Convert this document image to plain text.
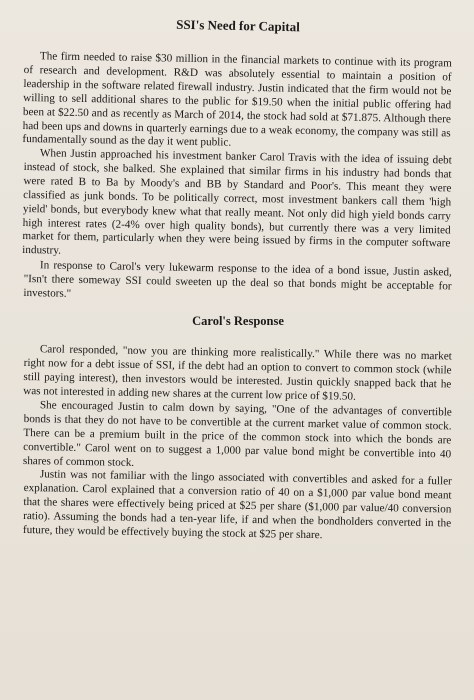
SSI's Need for Capital

The firm needed to raise $30 million in the financial markets to continue with its program of research and development. R&D was absolutely essential to maintain a position of leadership in the software related firewall industry. Justin indicated that the firm would not be willing to sell additional shares to the public for $19.50 when the initial public offering had been at $22.50 and as recently as March of 2014, the stock had sold at $71.875. Although there had been ups and downs in quarterly earnings due to a weak economy, the company was still as fundamentally sound as the day it went public.

When Justin approached his investment banker Carol Travis with the idea of issuing debt instead of stock, she balked. She explained that similar firms in his industry had bonds that were rated B to Ba by Moody's and BB by Standard and Poor's. This meant they were classified as junk bonds. To be politically correct, most investment bankers call them 'high yield' bonds, but everybody knew what that really meant. Not only did high yield bonds carry high interest rates (2-4% over high quality bonds), but currently there was a very limited market for them, particularly when they were being issued by firms in the computer software industry.

In response to Carol's very lukewarm response to the idea of a bond issue, Justin asked, "Isn't there someway SSI could sweeten up the deal so that bonds might be acceptable for investors."

Carol's Response

Carol responded, "now you are thinking more realistically." While there was no market right now for a debt issue of SSI, if the debt had an option to convert to common stock (while still paying interest), then investors would be interested. Justin quickly snapped back that he was not interested in adding new shares at the current low price of $19.50.

She encouraged Justin to calm down by saying, "One of the advantages of convertible bonds is that they do not have to be convertible at the current market value of common stock. There can be a premium built in the price of the common stock into which the bonds are convertible." Carol went on to suggest a 1,000 par value bond might be convertible into 40 shares of common stock.

Justin was not familiar with the lingo associated with convertibles and asked for a fuller explanation. Carol explained that a conversion ratio of 40 on a $1,000 par value bond meant that the shares were effectively being priced at $25 per share ($1,000 par value/40 conversion ratio). Assuming the bonds had a ten-year life, if and when the bondholders converted in the future, they would be effectively buying the stock at $25 per share.
